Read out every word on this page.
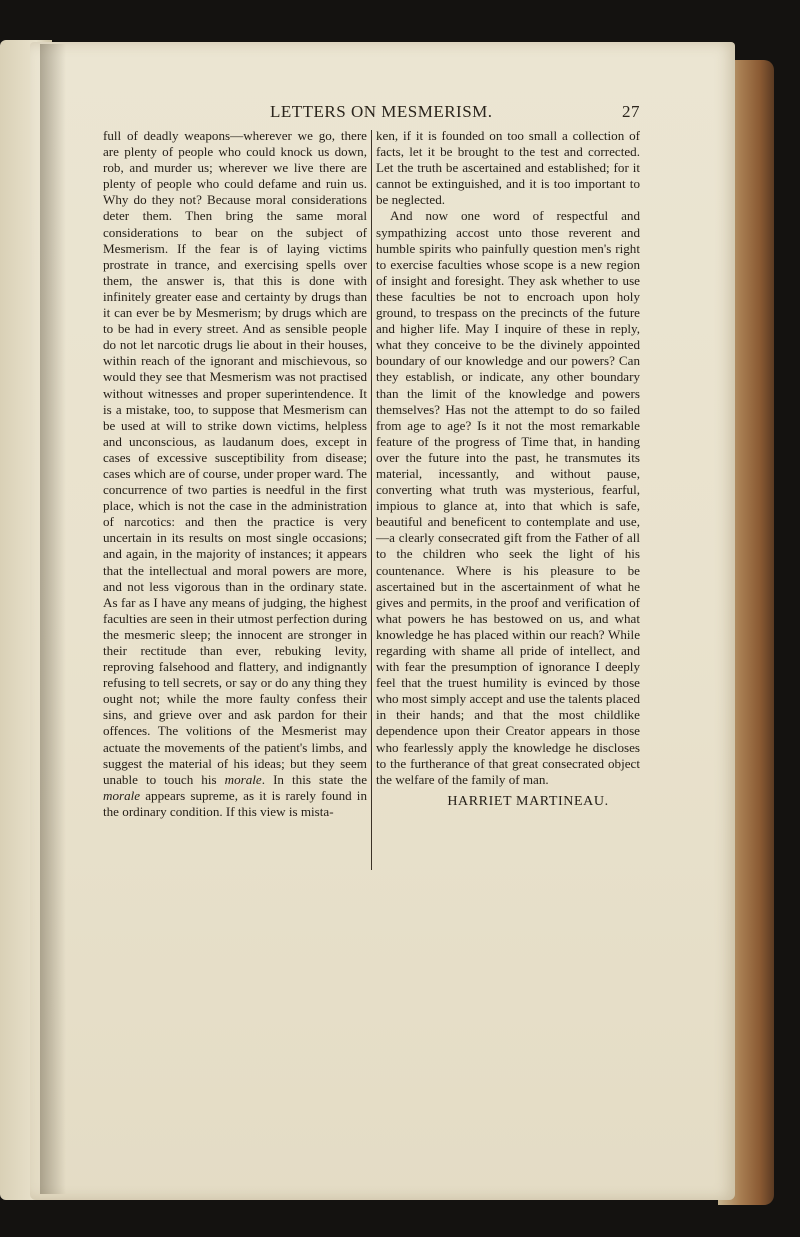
LETTERS ON MESMERISM.	27

full of deadly weapons—wherever we go, there are plenty of people who could knock us down, rob, and murder us; wherever we live there are plenty of people who could defame and ruin us. Why do they not? Because moral considerations deter them. Then bring the same moral considerations to bear on the subject of Mesmerism. If the fear is of laying victims prostrate in trance, and exercising spells over them, the answer is, that this is done with infinitely greater ease and certainty by drugs than it can ever be by Mesmerism; by drugs which are to be had in every street. And as sensible people do not let narcotic drugs lie about in their houses, within reach of the ignorant and mischievous, so would they see that Mesmerism was not practised without witnesses and proper superintendence. It is a mistake, too, to suppose that Mesmerism can be used at will to strike down victims, helpless and unconscious, as laudanum does, except in cases of excessive susceptibility from disease; cases which are of course, under proper ward. The concurrence of two parties is needful in the first place, which is not the case in the administration of narcotics: and then the practice is very uncertain in its results on most single occasions; and again, in the majority of instances; it appears that the intellectual and moral powers are more, and not less vigorous than in the ordinary state. As far as I have any means of judging, the highest faculties are seen in their utmost perfection during the mesmeric sleep; the innocent are stronger in their rectitude than ever, rebuking levity, reproving falsehood and flattery, and indignantly refusing to tell secrets, or say or do any thing they ought not; while the more faulty confess their sins, and grieve over and ask pardon for their offences. The volitions of the Mesmerist may actuate the movements of the patient's limbs, and suggest the material of his ideas; but they seem unable to touch his morale. In this state the morale appears supreme, as it is rarely found in the ordinary condition. If this view is mista-

ken, if it is founded on too small a collection of facts, let it be brought to the test and corrected. Let the truth be ascertained and established; for it cannot be extinguished, and it is too important to be neglected.

And now one word of respectful and sympathizing accost unto those reverent and humble spirits who painfully question men's right to exercise faculties whose scope is a new region of insight and foresight. They ask whether to use these faculties be not to encroach upon holy ground, to trespass on the precincts of the future and higher life. May I inquire of these in reply, what they conceive to be the divinely appointed boundary of our knowledge and our powers? Can they establish, or indicate, any other boundary than the limit of the knowledge and powers themselves? Has not the attempt to do so failed from age to age? Is it not the most remarkable feature of the progress of Time that, in handing over the future into the past, he transmutes its material, incessantly, and without pause, converting what truth was mysterious, fearful, impious to glance at, into that which is safe, beautiful and beneficent to contemplate and use,—a clearly consecrated gift from the Father of all to the children who seek the light of his countenance. Where is his pleasure to be ascertained but in the ascertainment of what he gives and permits, in the proof and verification of what powers he has bestowed on us, and what knowledge he has placed within our reach? While regarding with shame all pride of intellect, and with fear the presumption of ignorance I deeply feel that the truest humility is evinced by those who most simply accept and use the talents placed in their hands; and that the most childlike dependence upon their Creator appears in those who fearlessly apply the knowledge he discloses to the furtherance of that great consecrated object the welfare of the family of man.

HARRIET MARTINEAU.
